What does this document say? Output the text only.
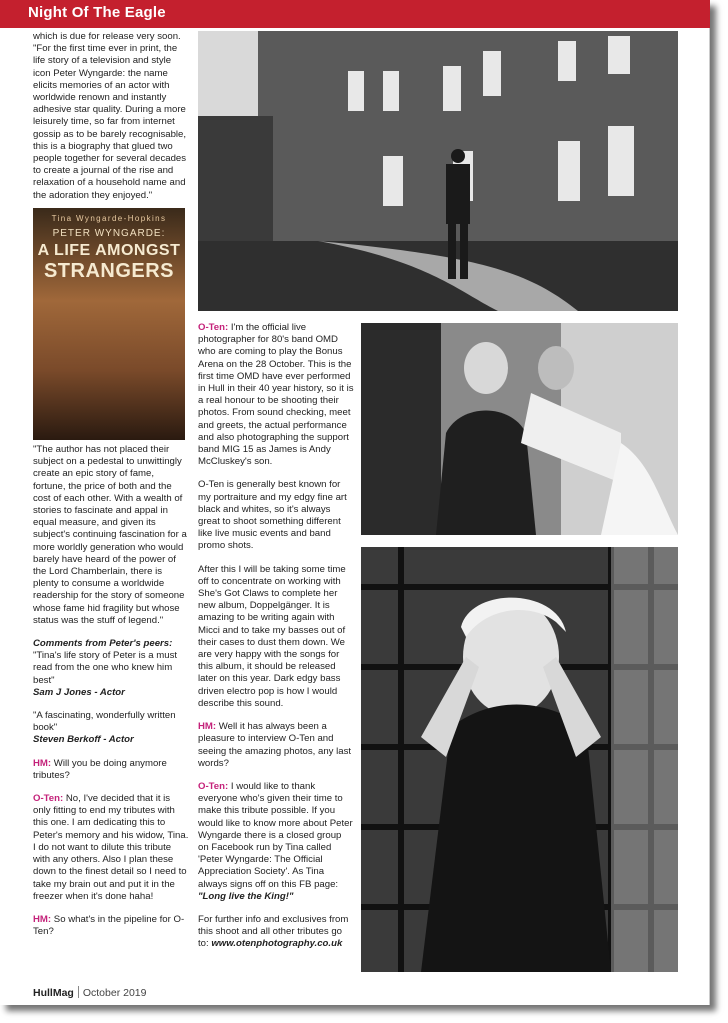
Night Of The Eagle

which is due for release very soon. "For the first time ever in print, the life story of a television and style icon Peter Wyngarde: the name elicits memories of an actor with worldwide renown and instantly adhesive star quality. During a more leisurely time, so far from internet gossip as to be barely recognisable, this is a biography that glued two people together for several decades to create a journal of the rise and relaxation of a household name and the adoration they enjoyed."

Tina Wyngarde-Hopkins
PETER WYNGARDE:
A LIFE AMONGST
STRANGERS

"The author has not placed their subject on a pedestal to unwittingly create an epic story of fame, fortune, the price of both and the cost of each other. With a wealth of stories to fascinate and appal in equal measure, and given its subject's continuing fascination for a more worldly generation who would barely have heard of the power of the Lord Chamberlain, there is plenty to consume a worldwide readership for the story of someone whose fame hid fragility but whose status was the stuff of legend."

Comments from Peter's peers:
"Tina's life story of Peter is a must read from the one who knew him best"
Sam J Jones - Actor

"A fascinating, wonderfully written book"
Steven Berkoff - Actor

HM: Will you be doing anymore tributes?

O-Ten: No, I've decided that it is only fitting to end my tributes with this one. I am dedicating this to Peter's memory and his widow, Tina. I do not want to dilute this tribute with any others. Also I plan these down to the finest detail so I need to take my brain out and put it in the freezer when it's done haha!

HM: So what's in the pipeline for O-Ten?

O-Ten: I'm the official live photographer for 80's band OMD who are coming to play the Bonus Arena on the 28 October. This is the first time OMD have ever performed in Hull in their 40 year history, so it is a real honour to be shooting their photos. From sound checking, meet and greets, the actual performance and also photographing the support band MIG 15 as James is Andy McCluskey's son.

O-Ten is generally best known for my portraiture and my edgy fine art black and whites, so it's always great to shoot something different like live music events and band promo shots.

After this I will be taking some time off to concentrate on working with She's Got Claws to complete her new album, Doppelgänger. It is amazing to be writing again with Micci and to take my basses out of their cases to dust them down. We are very happy with the songs for this album, it should be released later on this year. Dark edgy bass driven electro pop is how I would describe this sound.

HM: Well it has always been a pleasure to interview O-Ten and seeing the amazing photos, any last words?

O-Ten: I would like to thank everyone who's given their time to make this tribute possible. If you would like to know more about Peter Wyngarde there is a closed group on Facebook run by Tina called 'Peter Wyngarde: The Official Appreciation Society'. As Tina always signs off on this FB page:
"Long live the King!"

For further info and exclusives from this shoot and all other tributes go to: www.otenphotography.co.uk

HullMag October 2019
